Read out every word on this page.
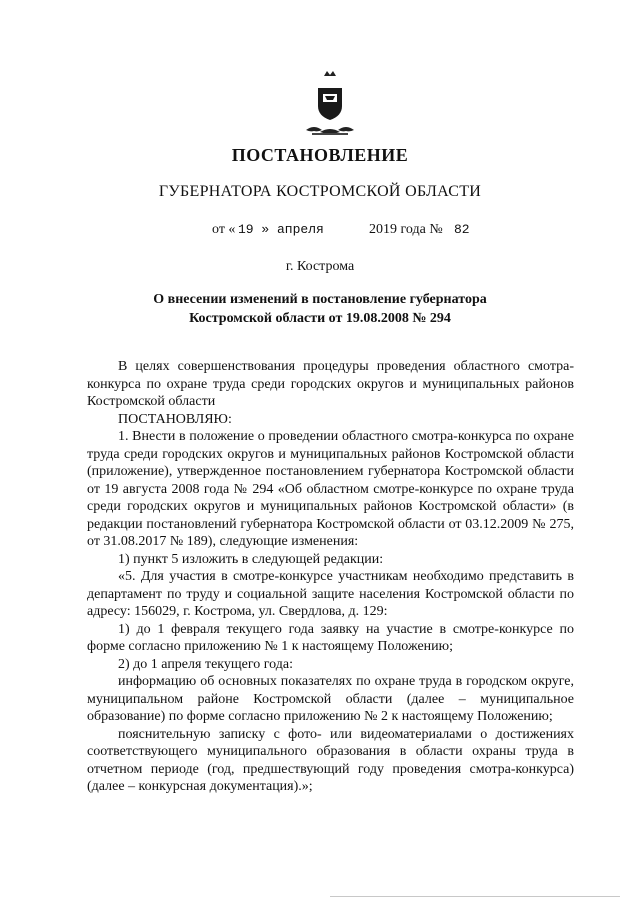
ПОСТАНОВЛЕНИЕ
ГУБЕРНАТОРА КОСТРОМСКОЙ ОБЛАСТИ
от « 19 » апреля	2019 года № 82
г. Кострома
О внесении изменений в постановление губернатора
Костромской области от 19.08.2008 № 294

В целях совершенствования процедуры проведения областного смотра-конкурса по охране труда среди городских округов и муниципальных районов Костромской области

ПОСТАНОВЛЯЮ:

1. Внести в положение о проведении областного смотра-конкурса по охране труда среди городских округов и муниципальных районов Костромской области (приложение), утвержденное постановлением губернатора Костромской области от 19 августа 2008 года № 294 «Об областном смотре-конкурсе по охране труда среди городских округов и муниципальных районов Костромской области» (в редакции постановлений губернатора Костромской области от 03.12.2009 № 275, от 31.08.2017 № 189), следующие изменения:

1) пункт 5 изложить в следующей редакции:

«5. Для участия в смотре-конкурсе участникам необходимо представить в департамент по труду и социальной защите населения Костромской области по адресу: 156029, г. Кострома, ул. Свердлова, д. 129:

1) до 1 февраля текущего года заявку на участие в смотре-конкурсе по форме согласно приложению № 1 к настоящему Положению;

2) до 1 апреля текущего года:

информацию об основных показателях по охране труда в городском округе, муниципальном районе Костромской области (далее – муниципальное образование) по форме согласно приложению № 2 к настоящему Положению;

пояснительную записку с фото- или видеоматериалами о достижениях соответствующего муниципального образования в области охраны труда в отчетном периоде (год, предшествующий году проведения смотра-конкурса) (далее – конкурсная документация).»;
